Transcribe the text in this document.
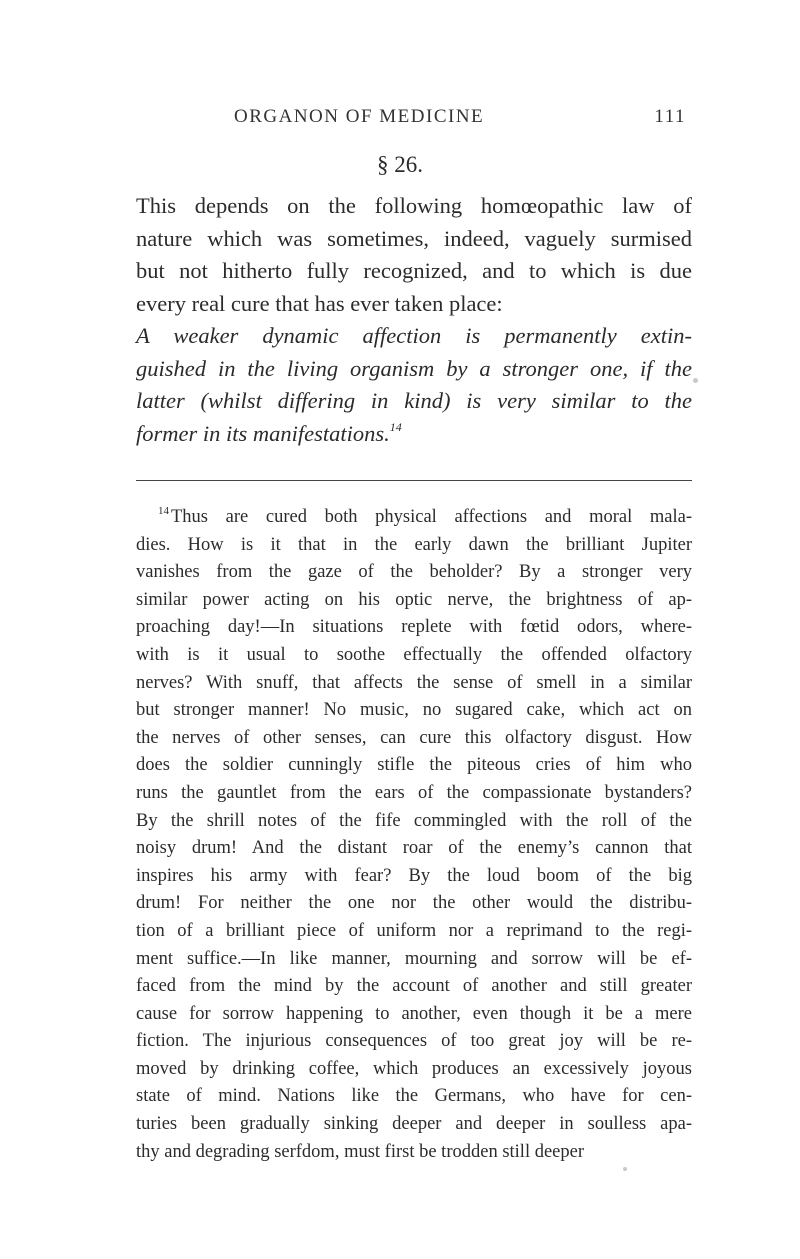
ORGANON OF MEDICINE	111
§ 26.
This depends on the following homœopathic law of
nature which was sometimes, indeed, vaguely surmised
but not hitherto fully recognized, and to which is due
every real cure that has ever taken place:
A weaker dynamic affection is permanently extin-
guished in the living organism by a stronger one, if the
latter (whilst differing in kind) is very similar to the
former in its manifestations.$^{14}$
$^{14}$ Thus are cured both physical affections and moral mala-
dies. How is it that in the early dawn the brilliant Jupiter
vanishes from the gaze of the beholder? By a stronger very
similar power acting on his optic nerve, the brightness of ap-
proaching day!—In situations replete with fœtid odors, where-
with is it usual to soothe effectually the offended olfactory
nerves? With snuff, that affects the sense of smell in a similar
but stronger manner! No music, no sugared cake, which act on
the nerves of other senses, can cure this olfactory disgust. How
does the soldier cunningly stifle the piteous cries of him who
runs the gauntlet from the ears of the compassionate bystanders?
By the shrill notes of the fife commingled with the roll of the
noisy drum! And the distant roar of the enemy’s cannon that
inspires his army with fear? By the loud boom of the big
drum! For neither the one nor the other would the distribu-
tion of a brilliant piece of uniform nor a reprimand to the regi-
ment suffice.—In like manner, mourning and sorrow will be ef-
faced from the mind by the account of another and still greater
cause for sorrow happening to another, even though it be a mere
fiction. The injurious consequences of too great joy will be re-
moved by drinking coffee, which produces an excessively joyous
state of mind. Nations like the Germans, who have for cen-
turies been gradually sinking deeper and deeper in soulless apa-
thy and degrading serfdom, must first be trodden still deeper
